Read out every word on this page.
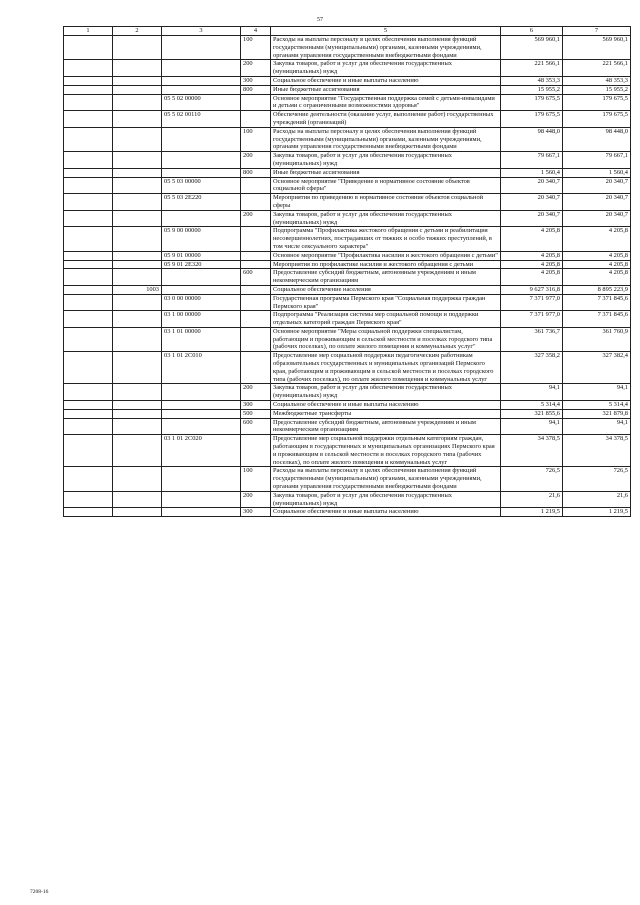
57
1	2	3	4	5	6	7
			100	Расходы на выплаты персоналу в целях обеспечения выполнения функций государственными (муниципальными) органами, казенными учреждениями, органами управления государственными внебюджетными фондами	569 960,1	569 960,1
			200	Закупка товаров, работ и услуг для обеспечения государственных (муниципальных) нужд	221 566,1	221 566,1
			300	Социальное обеспечение и иные выплаты населению	48 353,3	48 353,3
			800	Иные бюджетные ассигнования	15 955,2	15 955,2
		05 5 02 00000		Основное мероприятие "Государственная поддержка семей с детьми-инвалидами и детьми с ограниченными возможностями здоровья"	179 675,5	179 675,5
		05 5 02 00110		Обеспечение деятельности (оказание услуг, выполнение работ) государственных учреждений (организаций)	179 675,5	179 675,5
			100	Расходы на выплаты персоналу в целях обеспечения выполнения функций государственными (муниципальными) органами, казенными учреждениями, органами управления государственными внебюджетными фондами	98 448,0	98 448,0
			200	Закупка товаров, работ и услуг для обеспечения государственных (муниципальных) нужд	79 667,1	79 667,1
			800	Иные бюджетные ассигнования	1 560,4	1 560,4
		05 5 03 00000		Основное мероприятие "Приведение в нормативное состояние объектов социальной сферы"	20 340,7	20 340,7
		05 5 03 2Е220		Мероприятия по приведению в нормативное состояние объектов социальной сферы	20 340,7	20 340,7
			200	Закупка товаров, работ и услуг для обеспечения государственных (муниципальных) нужд	20 340,7	20 340,7
		05 9 00 00000		Подпрограмма "Профилактика жестокого обращения с детьми и реабилитация несовершеннолетних, пострадавших от тяжких и особо тяжких преступлений, в том числе сексуального характера"	4 205,8	4 205,8
		05 9 01 00000		Основное мероприятие "Профилактика насилия и жестокого обращения с детьми"	4 205,8	4 205,8
		05 9 01 2Е320		Мероприятия по профилактике насилия и жестокого обращения с детьми	4 205,8	4 205,8
			600	Предоставление субсидий бюджетным, автономным учреждениям и иным некоммерческим организациям	4 205,8	4 205,8
	1003			Социальное обеспечение населения	9 627 316,8	8 895 223,9
		03 0 00 00000		Государственная программа Пермского края "Социальная поддержка граждан Пермского края"	7 371 977,0	7 371 845,6
		03 1 00 00000		Подпрограмма "Реализация системы мер социальной помощи и поддержки отдельных категорий граждан Пермского края"	7 371 977,0	7 371 845,6
		03 1 01 00000		Основное мероприятие "Меры социальной поддержки специалистам, работающим и проживающим в сельской местности и поселках городского типа (рабочих поселках), по оплате жилого помещения и коммунальных услуг"	361 736,7	361 760,9
		03 1 01 2С010		Предоставление мер социальной поддержки педагогическим работникам образовательных государственных и муниципальных организаций Пермского края, работающим и проживающим в сельской местности и поселках городского типа (рабочих поселках), по оплате жилого помещения и коммунальных услуг	327 358,2	327 382,4
			200	Закупка товаров, работ и услуг для обеспечения государственных (муниципальных) нужд	94,1	94,1
			300	Социальное обеспечение и иные выплаты населению	5 314,4	5 314,4
			500	Межбюджетные трансферты	321 855,6	321 879,8
			600	Предоставление субсидий бюджетным, автономным учреждениям и иным некоммерческим организациям	94,1	94,1
		03 1 01 2С020		Предоставление мер социальной поддержки отдельным категориям граждан, работающим в государственных и муниципальных организациях Пермского края и проживающим в сельской местности и поселках городского типа (рабочих поселках), по оплате жилого помещения и коммунальных услуг	34 378,5	34 378,5
			100	Расходы на выплаты персоналу в целях обеспечения выполнения функций государственными (муниципальными) органами, казенными учреждениями, органами управления государственными внебюджетными фондами	726,5	726,5
			200	Закупка товаров, работ и услуг для обеспечения государственных (муниципальных) нужд	21,6	21,6
			300	Социальное обеспечение и иные выплаты населению	1 219,5	1 219,5
7208-16
